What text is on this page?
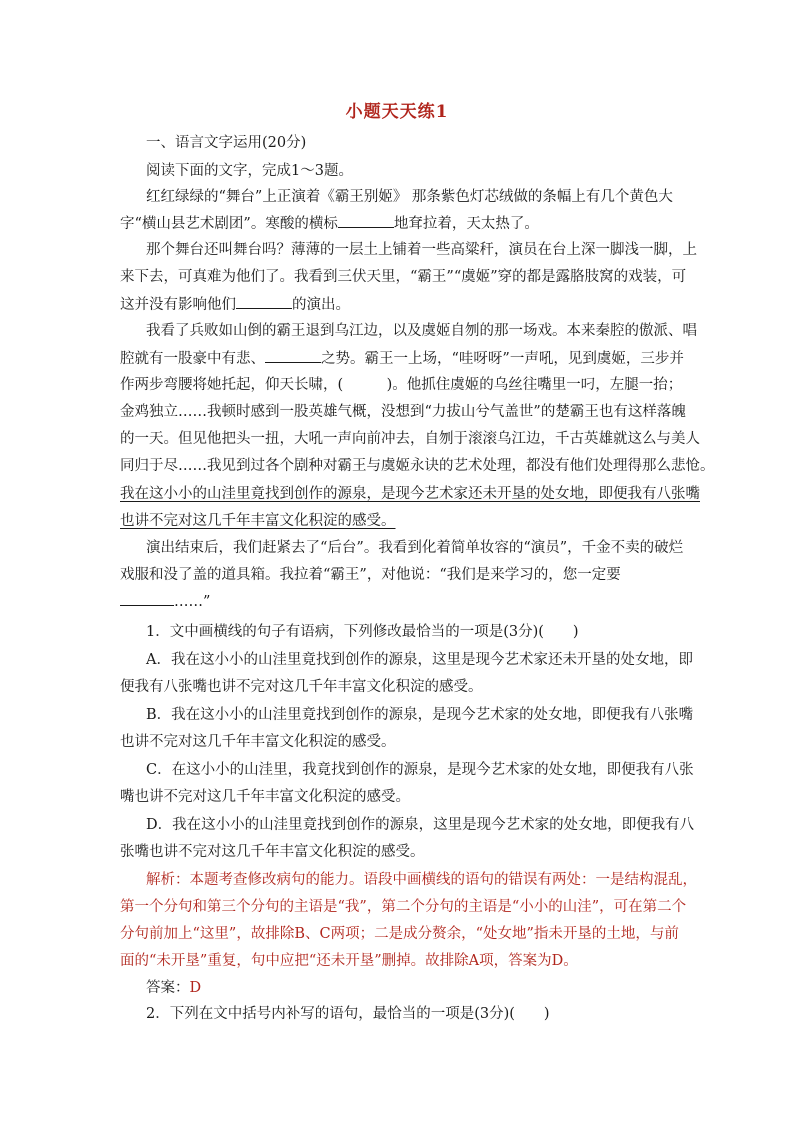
小题天天练1
一、语言文字运用(20分)
阅读下面的文字，完成1～3题。
红红绿绿的“舞台”上正演着《霸王别姬》 那条紫色灯芯绒做的条幅上有几个黄色大
字“横山县艺术剧团”。寒酸的横标	地耷拉着，天太热了。
那个舞台还叫舞台吗？薄薄的一层土上铺着一些高粱秆，演员在台上深一脚浅一脚，上
来下去，可真难为他们了。我看到三伏天里，“霸王”“虞姬”穿的都是露胳肢窝的戏装，可
这并没有影响他们	的演出。
我看了兵败如山倒的霸王退到乌江边，以及虞姬自刎的那一场戏。本来秦腔的傲派、唱
腔就有一股豪中有悲、	之势。霸王一上场，“哇呀呀”一声吼，见到虞姬，三步并
作两步弯腰将她托起，仰天长啸，(　　　)。他抓住虞姬的乌丝往嘴里一叼，左腿一抬；
金鸡独立……我顿时感到一股英雄气概，没想到“力拔山兮气盖世”的楚霸王也有这样落魄
的一天。但见他把头一扭，大吼一声向前冲去，自刎于滚滚乌江边，千古英雄就这么与美人
同归于尽……我见到过各个剧种对霸王与虞姬永诀的艺术处理，都没有他们处理得那么悲怆。
我在这小小的山洼里竟找到创作的源泉，是现今艺术家还未开垦的处女地，即便我有八张嘴
也讲不完对这几千年丰富文化积淀的感受。
演出结束后，我们赶紧去了“后台”。我看到化着简单妆容的“演员”，千金不卖的破烂
戏服和没了盖的道具箱。我拉着“霸王”，对他说：“我们是来学习的，您一定要
……”
1．文中画横线的句子有语病，下列修改最恰当的一项是(3分)(　　)
A．我在这小小的山洼里竟找到创作的源泉，这里是现今艺术家还未开垦的处女地，即
便我有八张嘴也讲不完对这几千年丰富文化积淀的感受。
B．我在这小小的山洼里竟找到创作的源泉，是现今艺术家的处女地，即便我有八张嘴
也讲不完对这几千年丰富文化积淀的感受。
C．在这小小的山洼里，我竟找到创作的源泉，是现今艺术家的处女地，即便我有八张
嘴也讲不完对这几千年丰富文化积淀的感受。
D．我在这小小的山洼里竟找到创作的源泉，这里是现今艺术家的处女地，即便我有八
张嘴也讲不完对这几千年丰富文化积淀的感受。
解析：本题考查修改病句的能力。语段中画横线的语句的错误有两处：一是结构混乱，
第一个分句和第三个分句的主语是“我”，第二个分句的主语是“小小的山洼”，可在第二个
分句前加上“这里”，故排除B、C两项；二是成分赘余，“处女地”指未开垦的土地，与前
面的“未开垦”重复，句中应把“还未开垦”删掉。故排除A项，答案为D。
答案：D
2．下列在文中括号内补写的语句，最恰当的一项是(3分)(　　)
